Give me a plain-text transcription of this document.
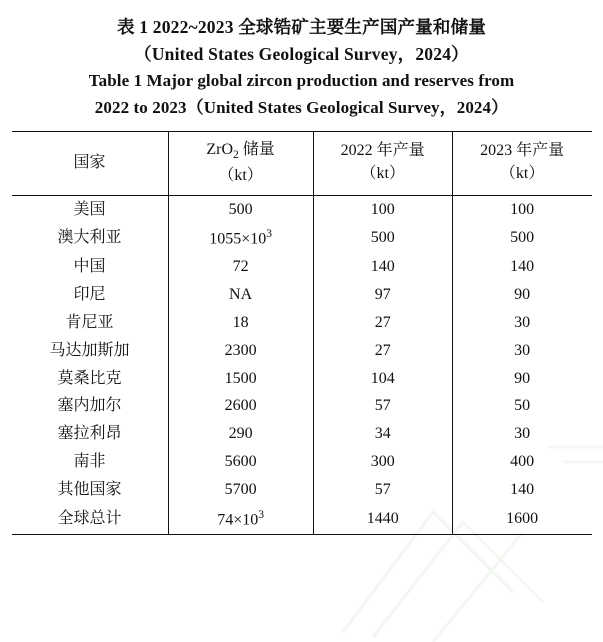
表 1 2022~2023 全球锆矿主要生产国产量和储量
（United States Geological Survey，2024）
Table 1 Major global zircon production and reserves from
2022 to 2023（United States Geological Survey，2024）
国家

ZrO$_2$ 储量
（kt）

2022 年产量
（kt）

2023 年产量
（kt）

美国	500	100	100
澳大利亚	$1055\times 10^3$	500	500
中国	72	140	140
印尼	NA	97	90
肯尼亚	18	27	30
马达加斯加	2300	27	30
莫桑比克	1500	104	90
塞内加尔	2600	57	50
塞拉利昂	290	34	30
南非	5600	300	400
其他国家	5700	57	140
全球总计	$74\times 10^3$	1440	1600
